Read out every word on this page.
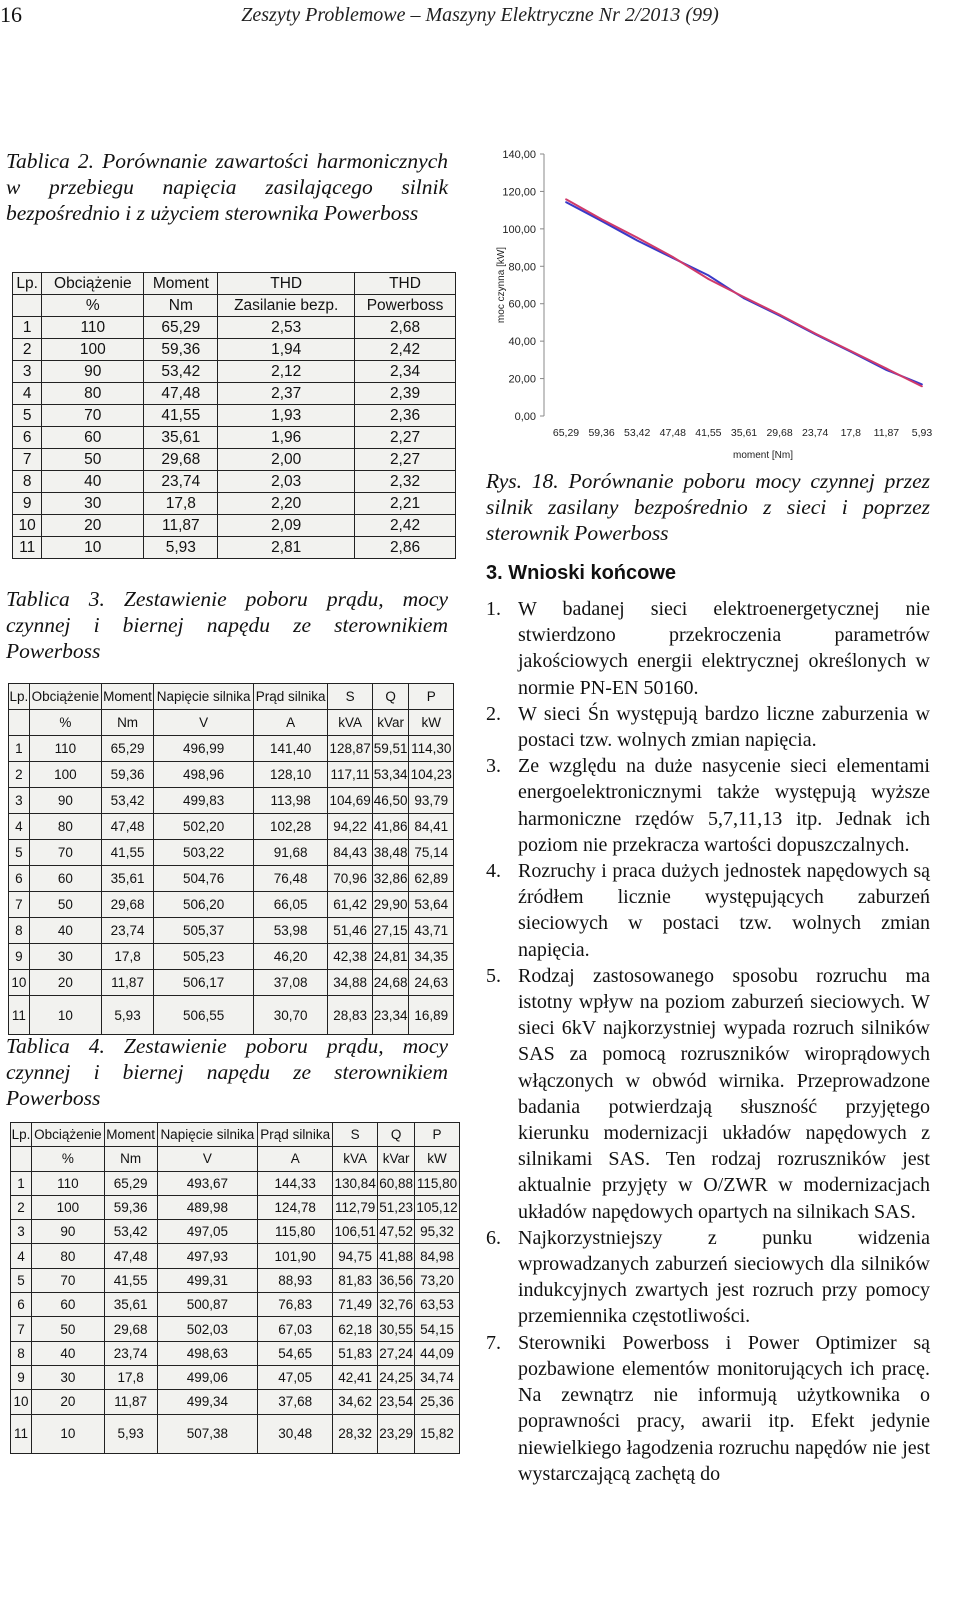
16	Zeszyty Problemowe – Maszyny Elektryczne Nr 2/2013 (99)
Tablica 2. Porównanie zawartości harmonicznych w przebiegu napięcia zasilającego silnik bezpośrednio i z użyciem sterownika Powerboss
Lp.	Obciążenie	Moment	THD	THD
	%	Nm	Zasilanie bezp.	Powerboss
1	110	65,29	2,53	2,68
2	100	59,36	1,94	2,42
3	90	53,42	2,12	2,34
4	80	47,48	2,37	2,39
5	70	41,55	1,93	2,36
6	60	35,61	1,96	2,27
7	50	29,68	2,00	2,27
8	40	23,74	2,03	2,32
9	30	17,8	2,20	2,21
10	20	11,87	2,09	2,42
11	10	5,93	2,81	2,86
Tablica 3. Zestawienie poboru prądu, mocy czynnej i biernej napędu ze sterownikiem Powerboss
Lp.	Obciążenie	Moment	Napięcie silnika	Prąd silnika	S	Q	P
	%	Nm	V	A	kVA	kVar	kW
1	110	65,29	496,99	141,40	128,87	59,51	114,30
2	100	59,36	498,96	128,10	117,11	53,34	104,23
3	90	53,42	499,83	113,98	104,69	46,50	93,79
4	80	47,48	502,20	102,28	94,22	41,86	84,41
5	70	41,55	503,22	91,68	84,43	38,48	75,14
6	60	35,61	504,76	76,48	70,96	32,86	62,89
7	50	29,68	506,20	66,05	61,42	29,90	53,64
8	40	23,74	505,37	53,98	51,46	27,15	43,71
9	30	17,8	505,23	46,20	42,38	24,81	34,35
10	20	11,87	506,17	37,08	34,88	24,68	24,63
11	10	5,93	506,55	30,70	28,83	23,34	16,89
Tablica 4. Zestawienie poboru prądu, mocy czynnej i biernej napędu ze sterownikiem Powerboss
Lp.	Obciążenie	Moment	Napięcie silnika	Prąd silnika	S	Q	P
	%	Nm	V	A	kVA	kVar	kW
1	110	65,29	493,67	144,33	130,84	60,88	115,80
2	100	59,36	489,98	124,78	112,79	51,23	105,12
3	90	53,42	497,05	115,80	106,51	47,52	95,32
4	80	47,48	497,93	101,90	94,75	41,88	84,98
5	70	41,55	499,31	88,93	81,83	36,56	73,20
6	60	35,61	500,87	76,83	71,49	32,76	63,53
7	50	29,68	502,03	67,03	62,18	30,55	54,15
8	40	23,74	498,63	54,65	51,83	27,24	44,09
9	30	17,8	499,06	47,05	42,41	24,25	34,74
10	20	11,87	499,34	37,68	34,62	23,54	25,36
11	10	5,93	507,38	30,48	28,32	23,29	15,82
0,00
20,00
40,00
60,00
80,00
100,00
120,00
140,00
65,29 59,36 53,42 47,48 41,55 35,61 29,68 23,74 17,8 11,87 5,93
moc czynna [kW]
moment [Nm]
Rys. 18. Porównanie poboru mocy czynnej przez silnik zasilany bezpośrednio z sieci i poprzez sterownik Powerboss
3. Wnioski końcowe
1. W badanej sieci elektroenergetycznej nie stwierdzono przekroczenia parametrów jakościowych energii elektrycznej określonych w normie PN-EN 50160.
2. W sieci Śn występują bardzo liczne zaburzenia w postaci tzw. wolnych zmian napięcia.
3. Ze względu na duże nasycenie sieci elementami energoelektronicznymi także występują wyższe harmoniczne rzędów 5,7,11,13 itp. Jednak ich poziom nie przekracza wartości dopuszczalnych.
4. Rozruchy i praca dużych jednostek napędowych są źródłem licznie występujących zaburzeń sieciowych w postaci tzw. wolnych zmian napięcia.
5. Rodzaj zastosowanego sposobu rozruchu ma istotny wpływ na poziom zaburzeń sieciowych. W sieci 6kV najkorzystniej wypada rozruch silników SAS za pomocą rozruszników wiroprądowych włączonych w obwód wirnika. Przeprowadzone badania potwierdzają słuszność przyjętego kierunku modernizacji układów napędowych z silnikami SAS. Ten rodzaj rozruszników jest aktualnie przyjęty w O/ZWR w modernizacjach układów napędowych opartych na silnikach SAS.
6. Najkorzystniejszy z punku widzenia wprowadzanych zaburzeń sieciowych dla silników indukcyjnych zwartych jest rozruch przy pomocy przemiennika częstotliwości.
7. Sterowniki Powerboss i Power Optimizer są pozbawione elementów monitorujących ich pracę. Na zewnątrz nie informują użytkownika o poprawności pracy, awarii itp. Efekt jedynie niewielkiego łagodzenia rozruchu napędów nie jest wystarczającą zachętą do
